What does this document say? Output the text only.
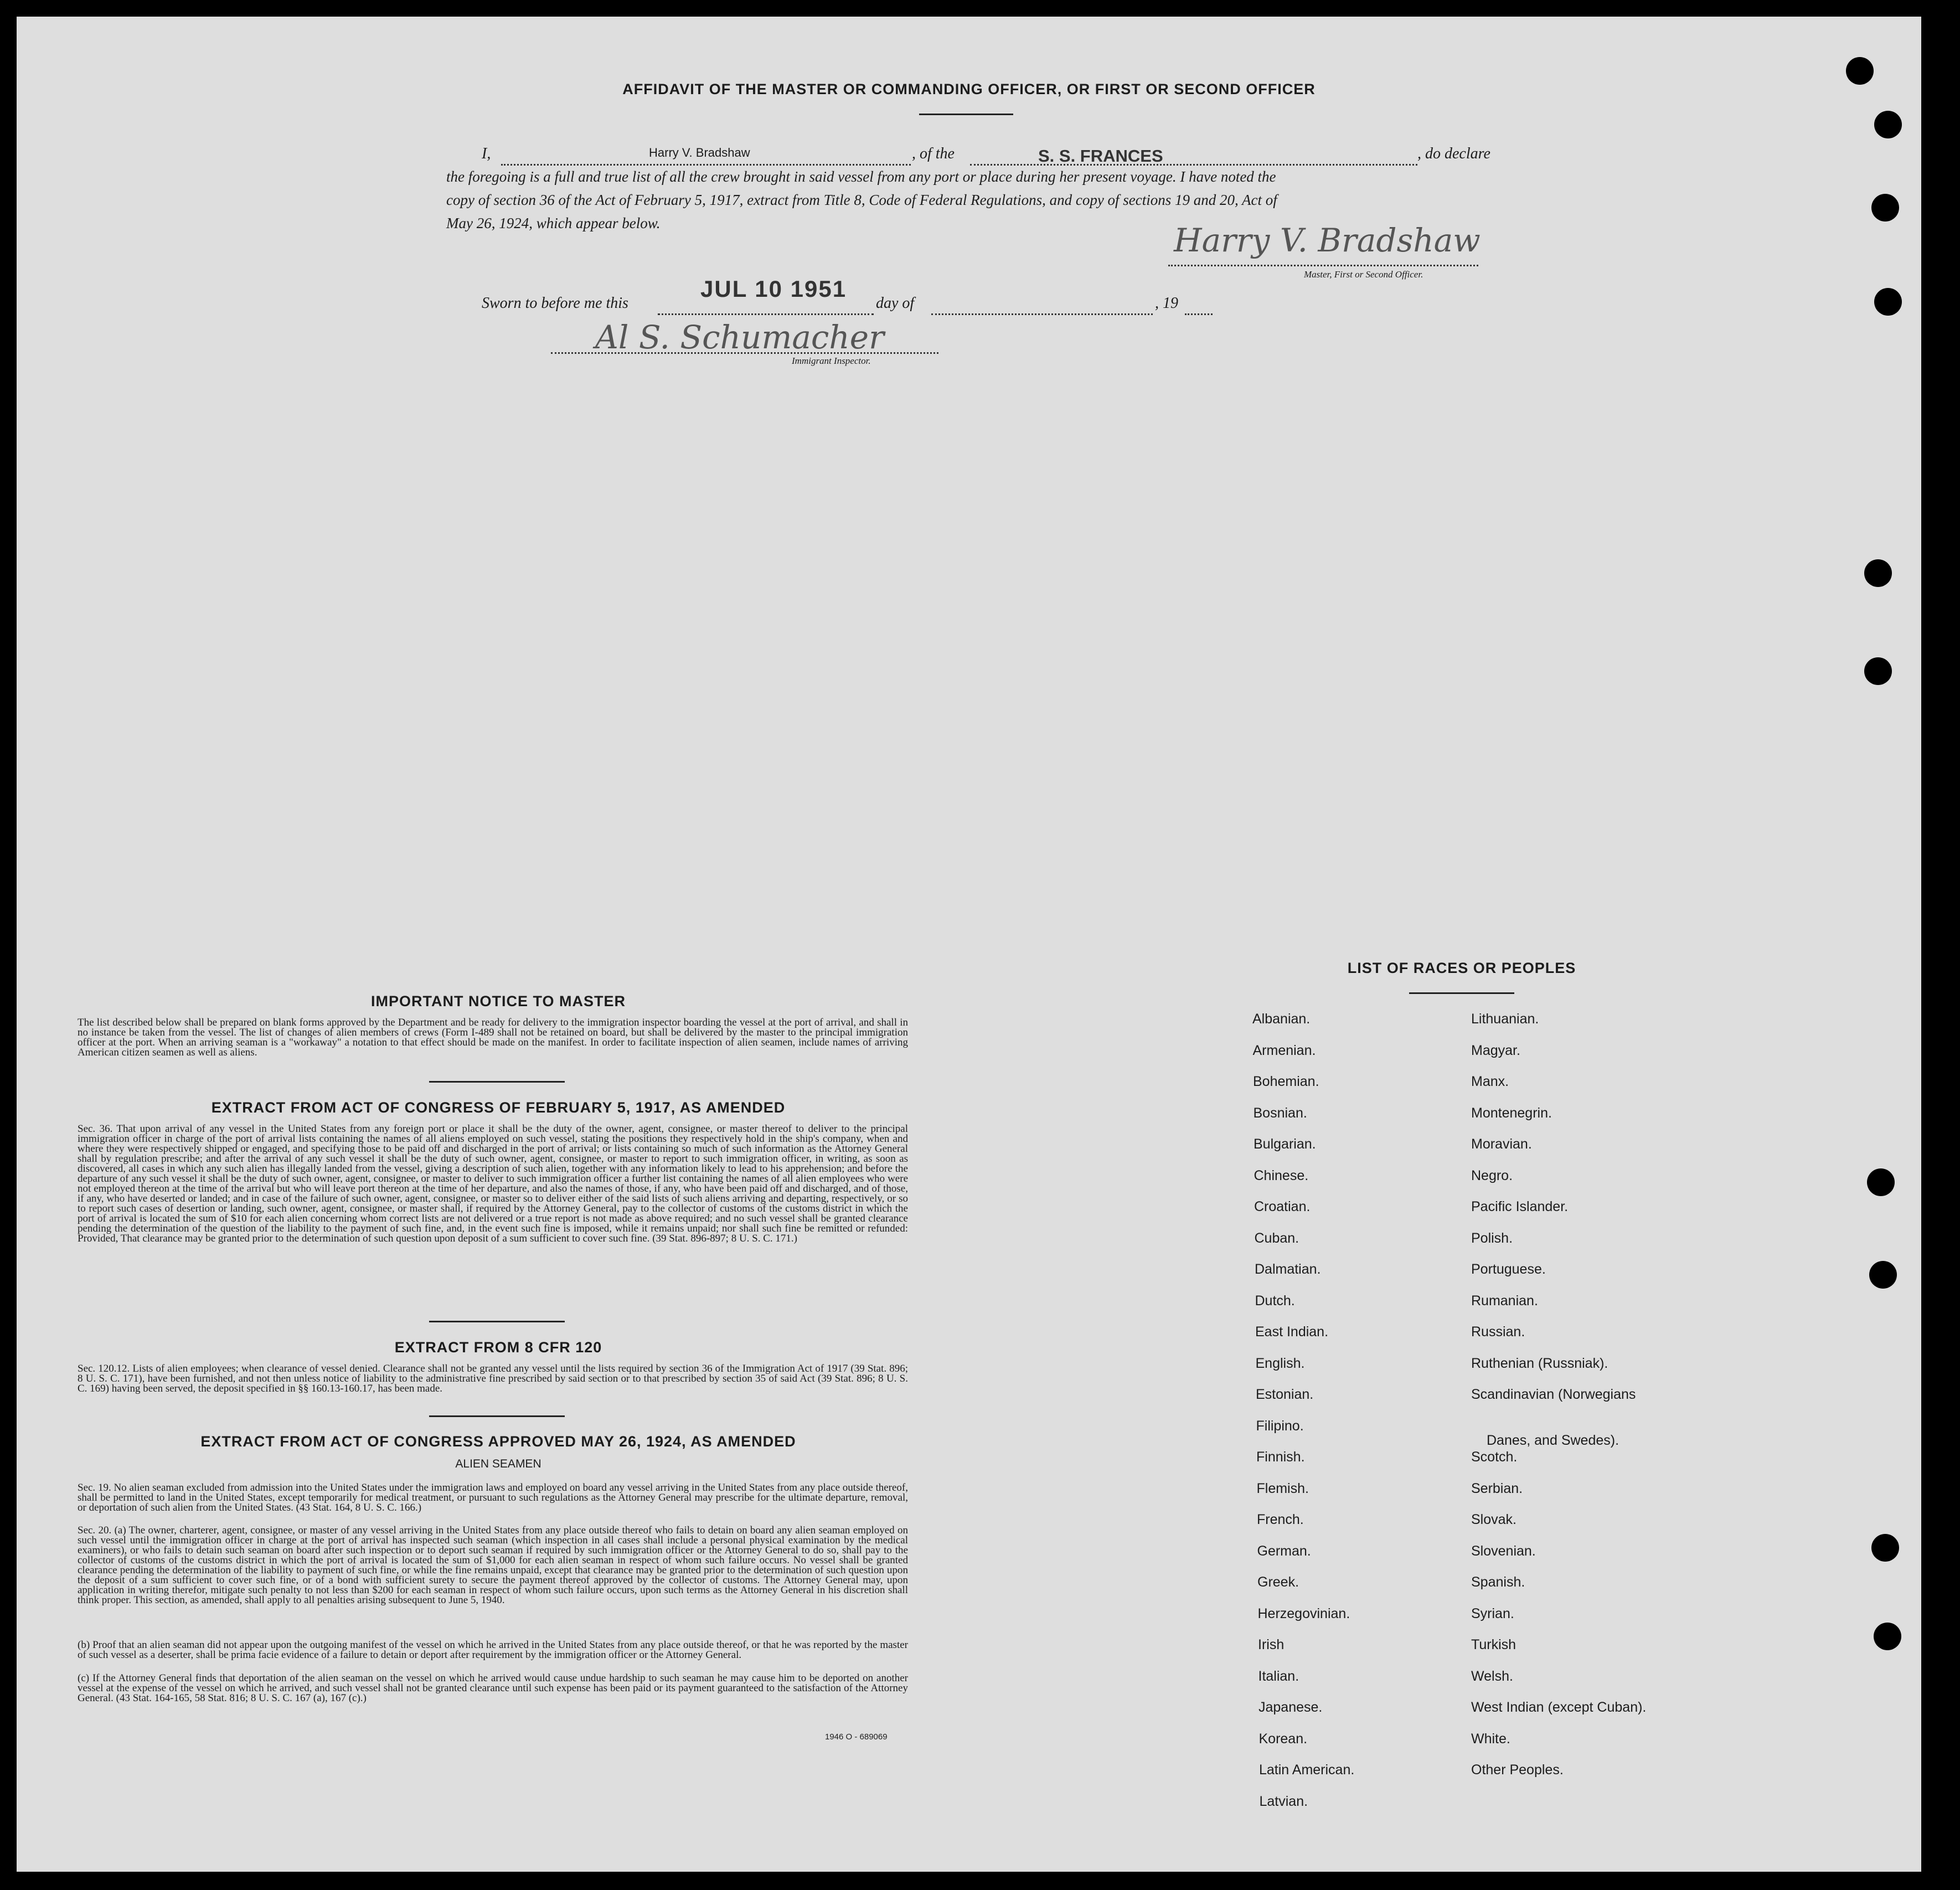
AFFIDAVIT OF THE MASTER OR COMMANDING OFFICER, OR FIRST OR SECOND OFFICER
I,	Harry V. Bradshaw	, of the	S. S. FRANCES	, do declare
the foregoing is a full and true list of all the crew brought in said vessel from any port or place during her present voyage. I have noted the
copy of section 36 of the Act of February 5, 1917, extract from Title 8, Code of Federal Regulations, and copy of sections 19 and 20, Act of
May 26, 1924, which appear below.	Harry V. Bradshaw
Master, First or Second Officer.
Sworn to before me this
JUL 10 1951
day of	, 19
Al S. Schumacher
Immigrant Inspector.
IMPORTANT NOTICE TO MASTER
The list described below shall be prepared on blank forms approved by the Department and be ready for delivery to the immigration inspector boarding the vessel at the port of arrival, and shall in no instance be taken from the vessel. The list of changes of alien members of crews (Form I-489 shall not be retained on board, but shall be delivered by the master to the principal immigration officer at the port. When an arriving seaman is a "workaway" a notation to that effect should be made on the manifest. In order to facilitate inspection of alien seamen, include names of arriving American citizen seamen as well as aliens.
EXTRACT FROM ACT OF CONGRESS OF FEBRUARY 5, 1917, AS AMENDED
Sec. 36. That upon arrival of any vessel in the United States from any foreign port or place it shall be the duty of the owner, agent, consignee, or master thereof to deliver to the principal immigration officer in charge of the port of arrival lists containing the names of all aliens employed on such vessel, stating the positions they respectively hold in the ship's company, when and where they were respectively shipped or engaged, and specifying those to be paid off and discharged in the port of arrival; or lists containing so much of such information as the Attorney General shall by regulation prescribe; and after the arrival of any such vessel it shall be the duty of such owner, agent, consignee, or master to report to such immigration officer, in writing, as soon as discovered, all cases in which any such alien has illegally landed from the vessel, giving a description of such alien, together with any information likely to lead to his apprehension; and before the departure of any such vessel it shall be the duty of such owner, agent, consignee, or master to deliver to such immigration officer a further list containing the names of all alien employees who were not employed thereon at the time of the arrival but who will leave port thereon at the time of her departure, and also the names of those, if any, who have been paid off and discharged, and of those, if any, who have deserted or landed; and in case of the failure of such owner, agent, consignee, or master so to deliver either of the said lists of such aliens arriving and departing, respectively, or so to report such cases of desertion or landing, such owner, agent, consignee, or master shall, if required by the Attorney General, pay to the collector of customs of the customs district in which the port of arrival is located the sum of $10 for each alien concerning whom correct lists are not delivered or a true report is not made as above required; and no such vessel shall be granted clearance pending the determination of the question of the liability to the payment of such fine, and, in the event such fine is imposed, while it remains unpaid; nor shall such fine be remitted or refunded: Provided, That clearance may be granted prior to the determination of such question upon deposit of a sum sufficient to cover such fine. (39 Stat. 896-897; 8 U. S. C. 171.)
EXTRACT FROM 8 CFR 120
Sec. 120.12. Lists of alien employees; when clearance of vessel denied. Clearance shall not be granted any vessel until the lists required by section 36 of the Immigration Act of 1917 (39 Stat. 896; 8 U. S. C. 171), have been furnished, and not then unless notice of liability to the administrative fine prescribed by said section or to that prescribed by section 35 of said Act (39 Stat. 896; 8 U. S. C. 169) having been served, the deposit specified in §§ 160.13-160.17, has been made.
EXTRACT FROM ACT OF CONGRESS APPROVED MAY 26, 1924, AS AMENDED
ALIEN SEAMEN
Sec. 19. No alien seaman excluded from admission into the United States under the immigration laws and employed on board any vessel arriving in the United States from any place outside thereof, shall be permitted to land in the United States, except temporarily for medical treatment, or pursuant to such regulations as the Attorney General may prescribe for the ultimate departure, removal, or deportation of such alien from the United States. (43 Stat. 164, 8 U. S. C. 166.)
Sec. 20. (a) The owner, charterer, agent, consignee, or master of any vessel arriving in the United States from any place outside thereof who fails to detain on board any alien seaman employed on such vessel until the immigration officer in charge at the port of arrival has inspected such seaman (which inspection in all cases shall include a personal physical examination by the medical examiners), or who fails to detain such seaman on board after such inspection or to deport such seaman if required by such immigration officer or the Attorney General to do so, shall pay to the collector of customs of the customs district in which the port of arrival is located the sum of $1,000 for each alien seaman in respect of whom such failure occurs. No vessel shall be granted clearance pending the determination of the liability to payment of such fine, or while the fine remains unpaid, except that clearance may be granted prior to the determination of such question upon the deposit of a sum sufficient to cover such fine, or of a bond with sufficient surety to secure the payment thereof approved by the collector of customs. The Attorney General may, upon application in writing therefor, mitigate such penalty to not less than $200 for each seaman in respect of whom such failure occurs, upon such terms as the Attorney General in his discretion shall think proper. This section, as amended, shall apply to all penalties arising subsequent to June 5, 1940.
(b) Proof that an alien seaman did not appear upon the outgoing manifest of the vessel on which he arrived in the United States from any place outside thereof, or that he was reported by the master of such vessel as a deserter, shall be prima facie evidence of a failure to detain or deport after requirement by the immigration officer or the Attorney General.
(c) If the Attorney General finds that deportation of the alien seaman on the vessel on which he arrived would cause undue hardship to such seaman he may cause him to be deported on another vessel at the expense of the vessel on which he arrived, and such vessel shall not be granted clearance until such expense has been paid or its payment guaranteed to the satisfaction of the Attorney General. (43 Stat. 164-165, 58 Stat. 816; 8 U. S. C. 167 (a), 167 (c).)
1946 O - 689069
LIST OF RACES OR PEOPLES
Albanian.
Armenian.
Bohemian.
Bosnian.
Bulgarian.
Chinese.
Croatian.
Cuban.
Dalmatian.
Dutch.
East Indian.
English.
Estonian.
Filipino.
Finnish.
Flemish.
French.
German.
Greek.
Herzegovinian.
Irish
Italian.
Japanese.
Korean.
Latin American.
Latvian.
Lithuanian.
Magyar.
Manx.
Montenegrin.
Moravian.
Negro.
Pacific Islander.
Polish.
Portuguese.
Rumanian.
Russian.
Ruthenian (Russniak).
Scandinavian (Norwegians
Danes, and Swedes).
Scotch.
Serbian.
Slovak.
Slovenian.
Spanish.
Syrian.
Turkish
Welsh.
West Indian (except Cuban).
White.
Other Peoples.
